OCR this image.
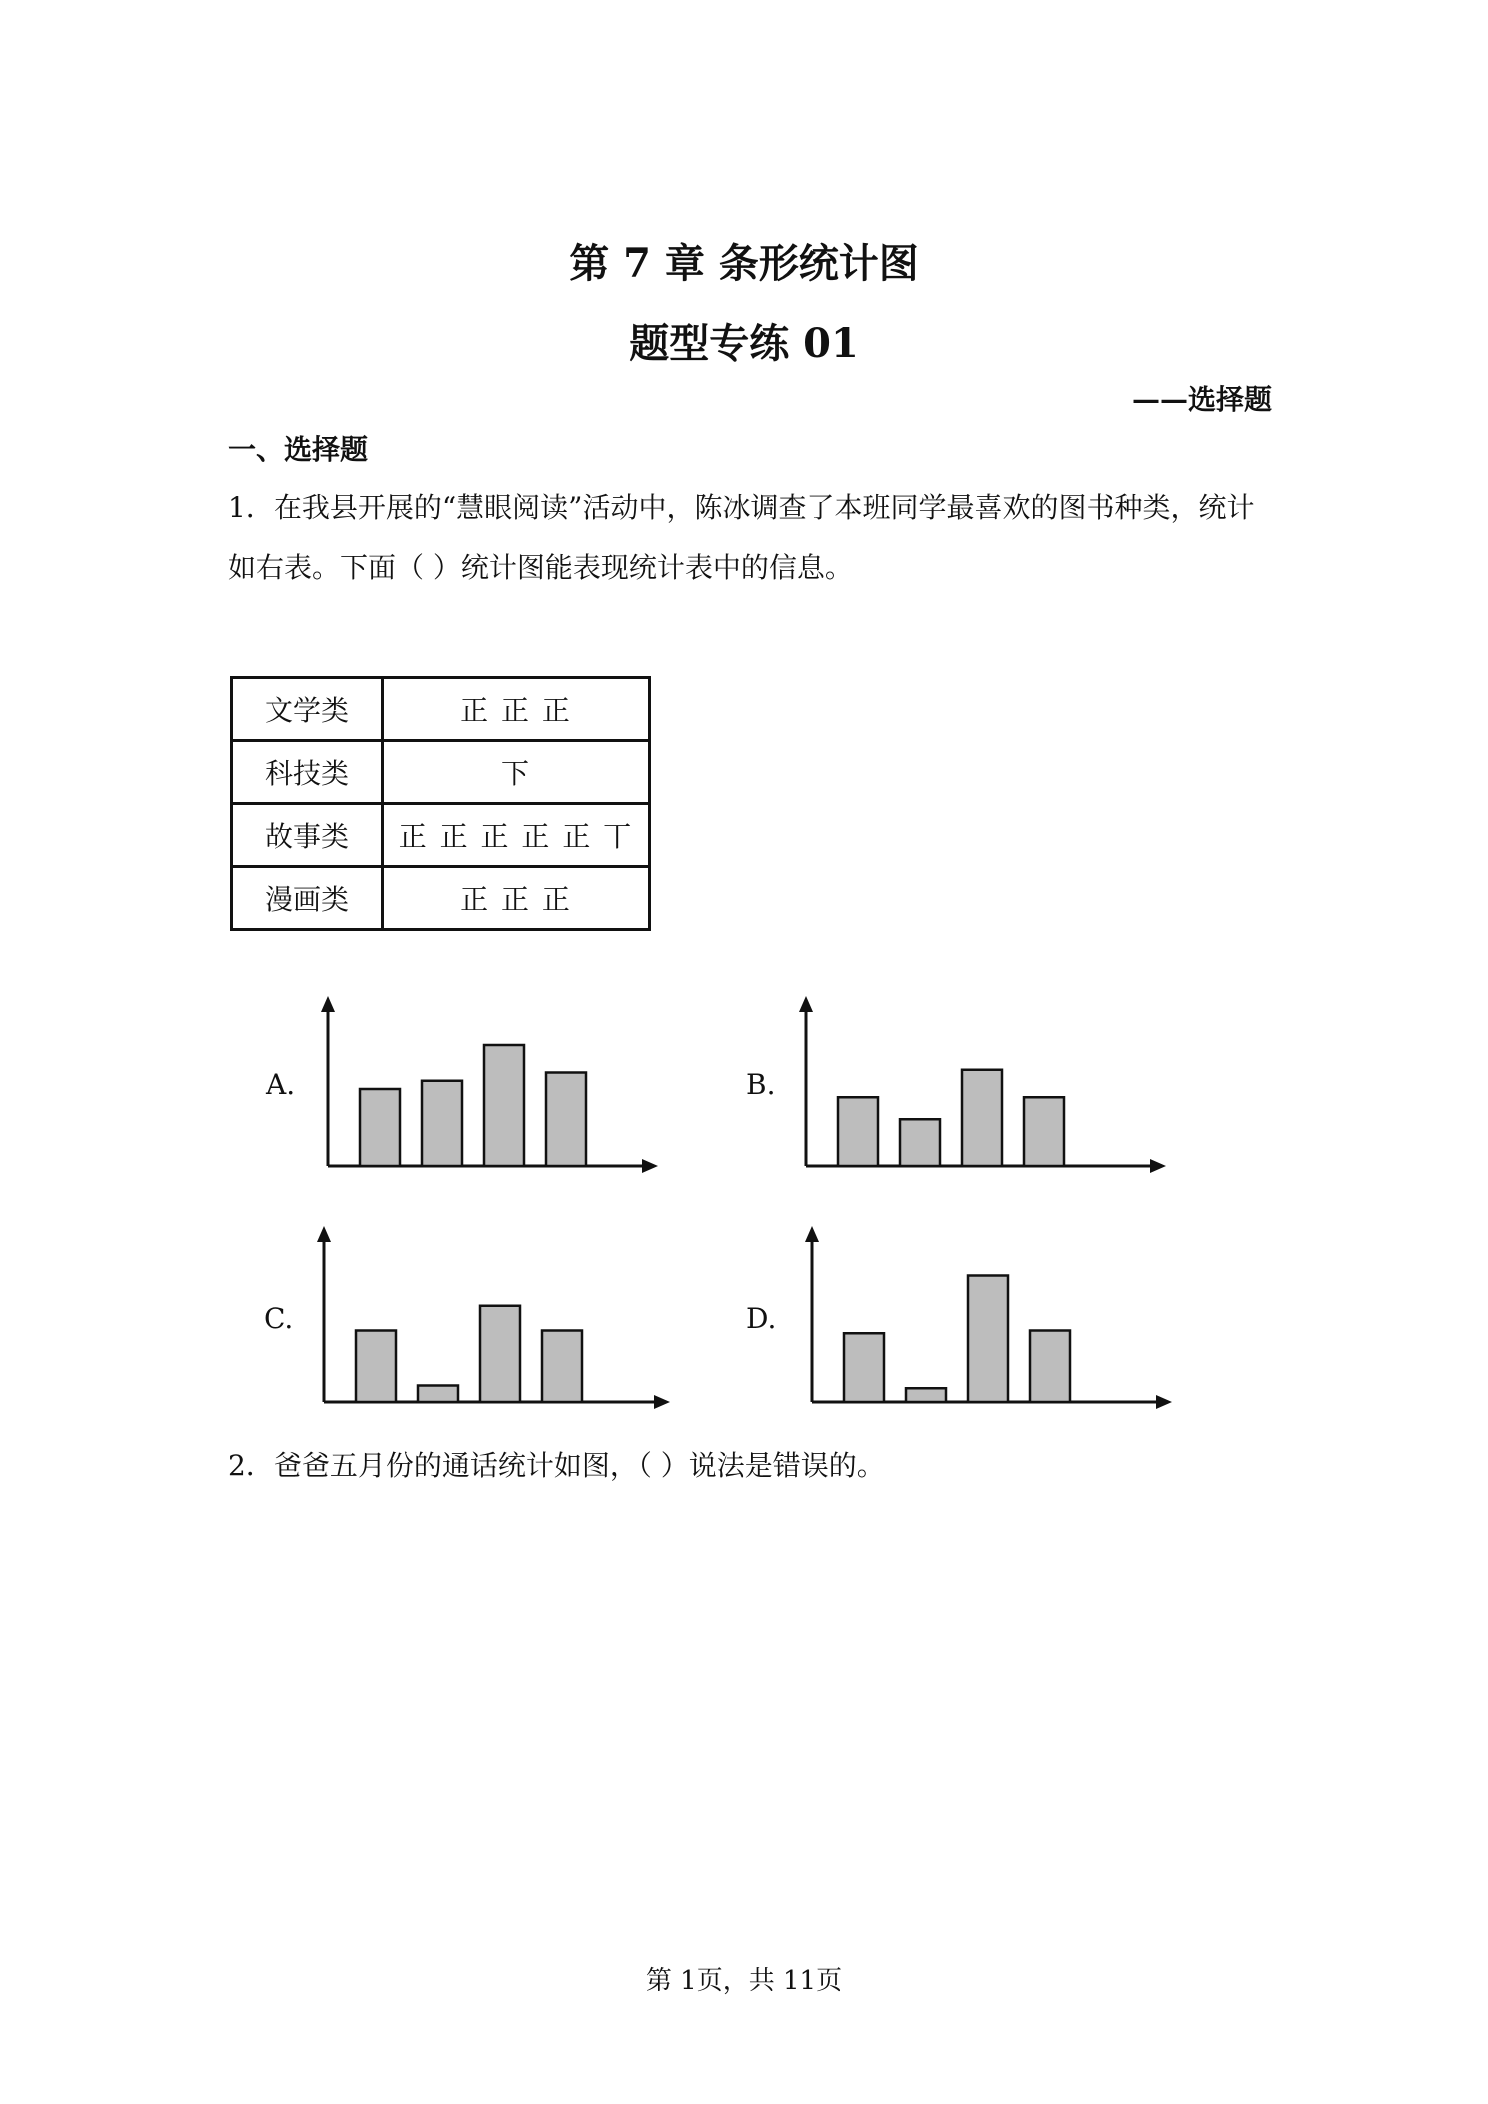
第 7 章 条形统计图
题型专练 01
——选择题
一、选择题
1．在我县开展的“慧眼阅读”活动中，陈冰调查了本班同学最喜欢的图书种类，统计如右表。下面（ ）统计图能表现统计表中的信息。
文学类	正 正 正
科技类	下
故事类	正 正 正 正 正 丅
漫画类	正 正 正
A.	B.
C.	D.
2．爸爸五月份的通话统计如图，（ ）说法是错误的。
第 1页，共 11页
